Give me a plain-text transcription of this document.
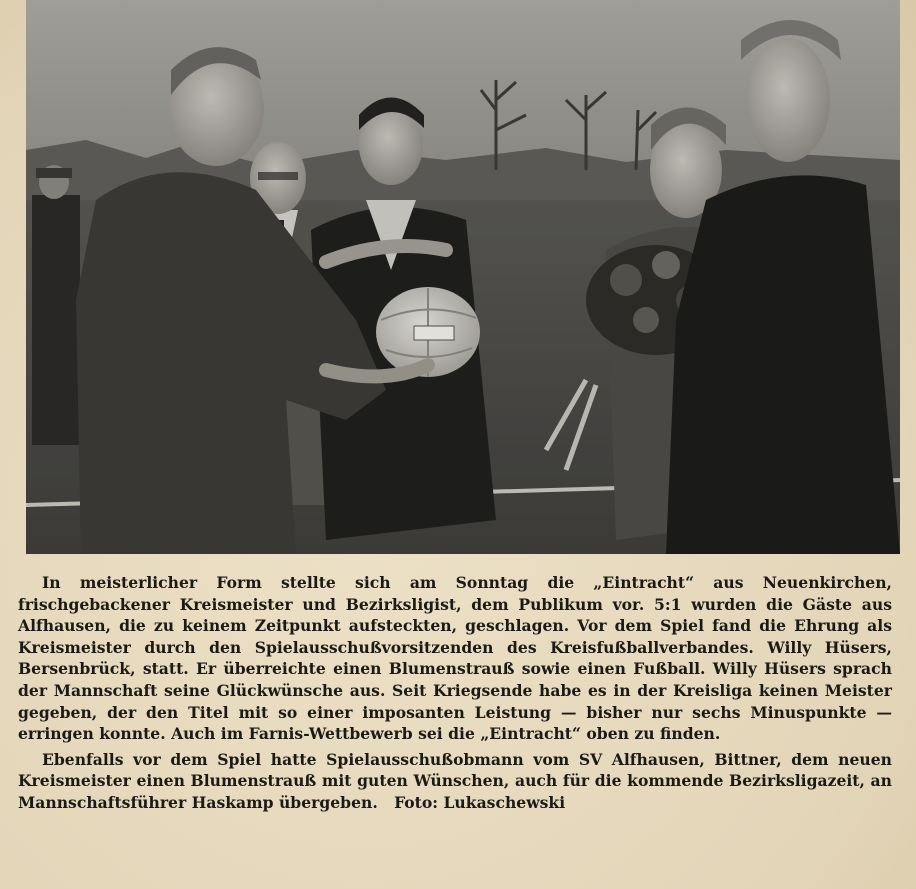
In meisterlicher Form stellte sich am Sonntag die „Eintracht“ aus Neuenkirchen, frischgebackener Kreismeister und Bezirksligist, dem Publikum vor. 5:1 wurden die Gäste aus Alfhausen, die zu keinem Zeitpunkt aufsteckten, geschlagen. Vor dem Spiel fand die Ehrung als Kreismeister durch den Spielausschußvorsitzenden des Kreisfußballverbandes. Willy Hüsers, Bersenbrück, statt. Er überreichte einen Blumenstrauß sowie einen Fußball. Willy Hüsers sprach der Mannschaft seine Glückwünsche aus. Seit Kriegsende habe es in der Kreisliga keinen Meister gegeben, der den Titel mit so einer imposanten Leistung — bisher nur sechs Minuspunkte — erringen konnte. Auch im Farnis-Wettbewerb sei die „Eintracht“ oben zu finden.

Ebenfalls vor dem Spiel hatte Spielausschußobmann vom SV Alfhausen, Bittner, dem neuen Kreismeister einen Blumenstrauß mit guten Wünschen, auch für die kommende Bezirksligazeit, an Mannschaftsführer Haskamp übergeben. Foto: Lukaschewski
